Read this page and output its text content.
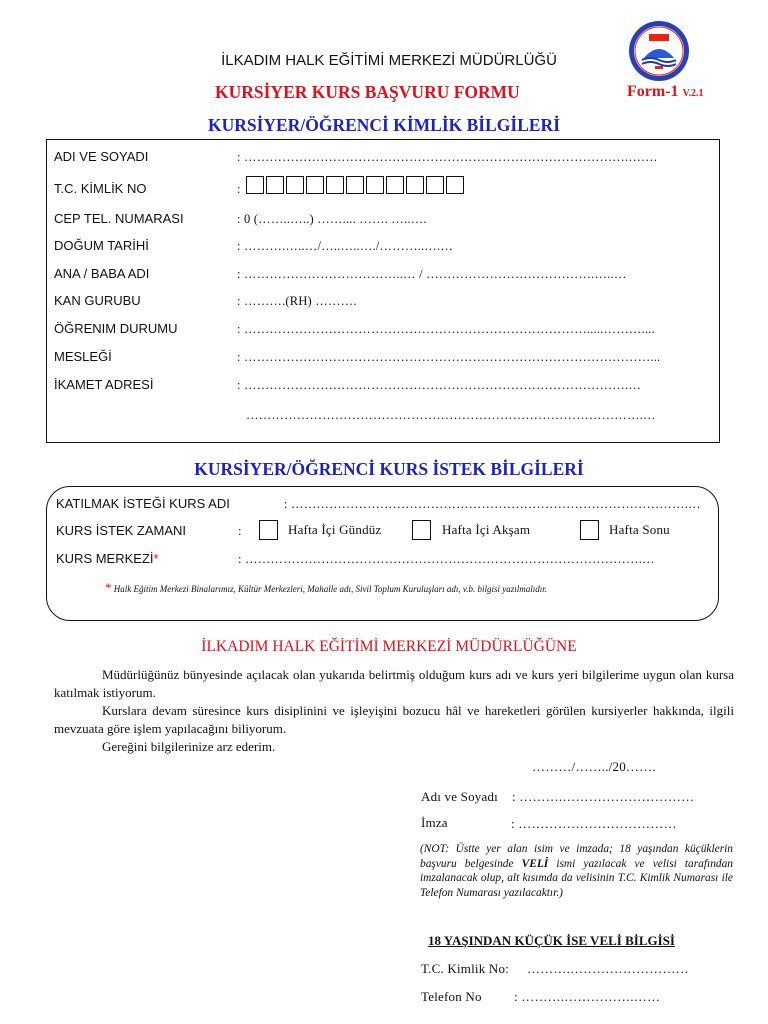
İLKADIM HALK EĞİTİMİ MERKEZİ MÜDÜRLÜĞÜ
KURSİYER KURS BAŞVURU FORMU	Form-1 V.2.1
KURSİYER/ÖĞRENCİ KİMLİK BİLGİLERİ
ADI VE SOYADI	: ……………………………………………………………………………….…….
T.C. KİMLİK NO	:
CEP TEL. NUMARASI	: 0 (……..…..) …….... ……. …..….
DOĞUM TARİHİ	: ……….…..…/…..…..…./………..….…
ANA / BABA ADI	: ………………………………..… / ………………………………….…..…
KAN GURUBU	: ……….(RH) ……….
ÖĞRENIM DURUMU	: ……………………………………………………………………….....………....
MESLEĞİ	: ……………………………………………………………………………………...
İKAMET ADRESİ	: ……………………………………………………………………………….…
………………………………………………………………………………….…
KURSİYER/ÖĞRENCİ KURS İSTEK BİLGİLERİ
KATILMAK İSTEĞİ KURS ADI	: ………………………………………………………………………………….…
KURS İSTEK ZAMANI	:	Hafta İçi Gündüz	Hafta İçi Akşam	Hafta Sonu
KURS MERKEZİ*	: ………………………………………………………………………………….…
* Halk Eğitim Merkezi Binalarımız, Kültür Merkezleri, Mahalle adı, Sivil Toplum Kuruluşları adı, v.b. bilgisi yazılmalıdır.
İLKADIM HALK EĞİTİMİ MERKEZİ MÜDÜRLÜĞÜNE
Müdürlüğünüz bünyesinde açılacak olan yukarıda belirtmiş olduğum kurs adı ve kurs yeri bilgilerime uygun olan kursa katılmak istiyorum.
Kurslara devam süresince kurs disiplinini ve işleyişini bozucu hâl ve hareketleri görülen kursiyerler hakkında, ilgili mevzuata göre işlem yapılacağını biliyorum.
Gereğini bilgilerinize arz ederim.
………/……../20…….
Adı ve Soyadı : ……….…………………………
İmza	: ………………………………
(NOT: Üstte yer alan isim ve imzada; 18 yaşından küçüklerin başvuru belgesinde VELİ ismi yazılacak ve velisi tarafından imzalanacak olup, alt kısımda da velisinin T.C. Kimlik Numarası ile Telefon Numarası yazılacaktır.)
18 YAŞINDAN KÜÇÜK İSE VELİ BİLGİSİ
T.C. Kimlik No: ……….………………………
Telefon No : ……….…………….……
